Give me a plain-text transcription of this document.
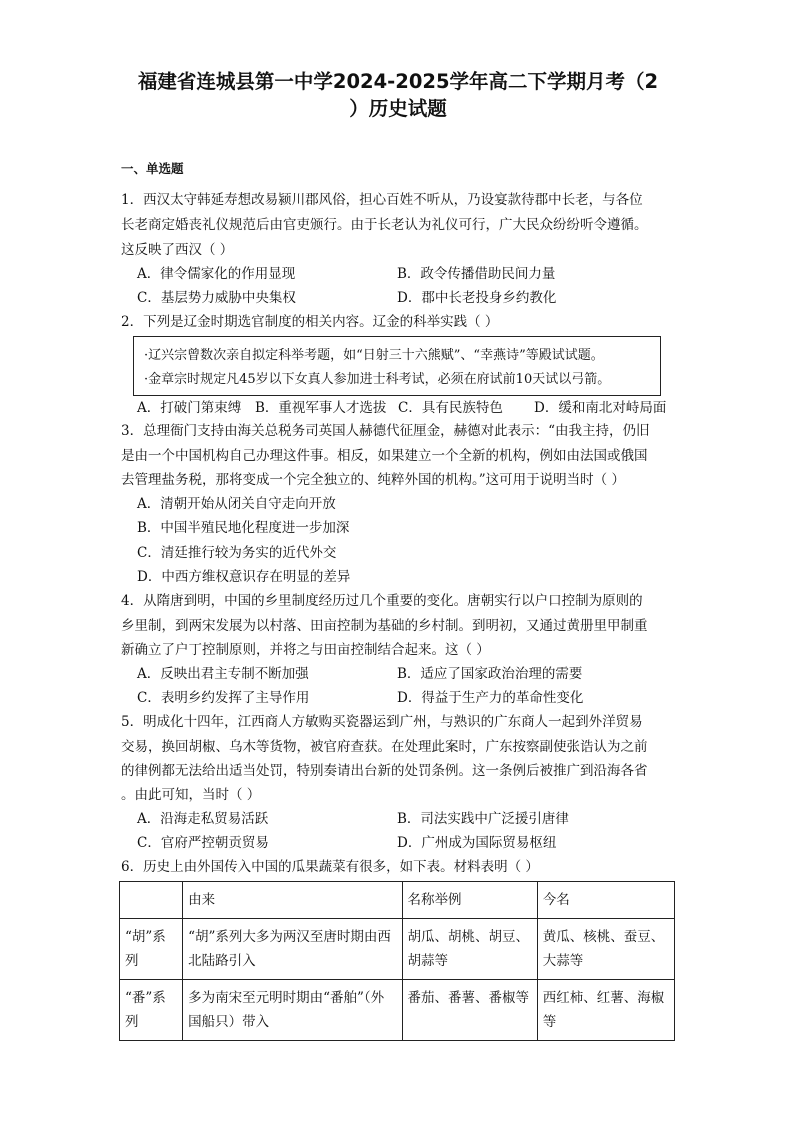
福建省连城县第一中学2024-2025学年高二下学期月考（2
）历史试题
一、单选题
1．西汉太守韩延寿想改易颍川郡风俗，担心百姓不听从，乃设宴款待郡中长老，与各位
长老商定婚丧礼仪规范后由官吏颁行。由于长老认为礼仪可行，广大民众纷纷听令遵循。
这反映了西汉（ ）
A．律令儒家化的作用显现	B．政令传播借助民间力量
C．基层势力威胁中央集权	D．郡中长老投身乡约教化
2．下列是辽金时期选官制度的相关内容。辽金的科举实践（ ）
·辽兴宗曾数次亲自拟定科举考题，如“日射三十六熊赋”、“幸燕诗”等殿试试题。
·金章宗时规定凡45岁以下女真人参加进士科考试，必须在府试前10天试以弓箭。
A．打破门第束缚 B．重视军事人才选拔 C．具有民族特色 D．缓和南北对峙局面
3．总理衙门支持由海关总税务司英国人赫德代征厘金，赫德对此表示：“由我主持，仍旧
是由一个中国机构自己办理这件事。相反，如果建立一个全新的机构，例如由法国或俄国
去管理盐务税，那将变成一个完全独立的、纯粹外国的机构。”这可用于说明当时（ ）
A．清朝开始从闭关自守走向开放
B．中国半殖民地化程度进一步加深
C．清廷推行较为务实的近代外交
D．中西方维权意识存在明显的差异
4．从隋唐到明，中国的乡里制度经历过几个重要的变化。唐朝实行以户口控制为原则的
乡里制，到两宋发展为以村落、田亩控制为基础的乡村制。到明初，又通过黄册里甲制重
新确立了户丁控制原则，并将之与田亩控制结合起来。这（ ）
A．反映出君主专制不断加强	B．适应了国家政治治理的需要
C．表明乡约发挥了主导作用	D．得益于生产力的革命性变化
5．明成化十四年，江西商人方敏购买瓷器运到广州，与熟识的广东商人一起到外洋贸易
交易，换回胡椒、乌木等货物，被官府查获。在处理此案时，广东按察副使张诰认为之前
的律例都无法给出适当处罚，特别奏请出台新的处罚条例。这一条例后被推广到沿海各省
。由此可知，当时（ ）
A．沿海走私贸易活跃	B．司法实践中广泛援引唐律
C．官府严控朝贡贸易	D．广州成为国际贸易枢纽
6．历史上由外国传入中国的瓜果蔬菜有很多，如下表。材料表明（ ）
	由来	名称举例	今名
“胡”系列	“胡”系列大多为两汉至唐时期由西北陆路引入	胡瓜、胡桃、胡豆、胡蒜等	黄瓜、核桃、蚕豆、大蒜等
“番”系列	多为南宋至元明时期由“番舶”（外国船只）带入	番茄、番薯、番椒等	西红柿、红薯、海椒等
